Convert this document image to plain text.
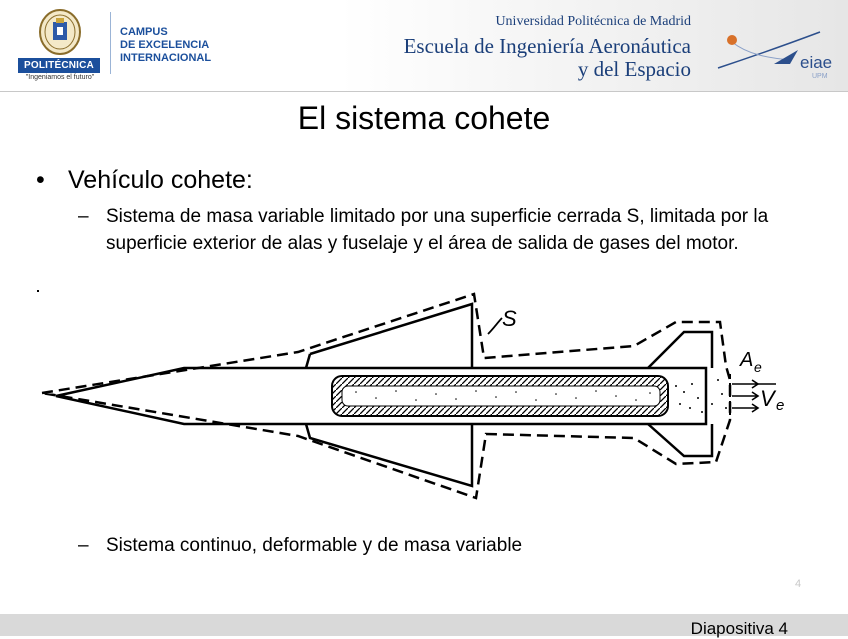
POLITÉCNICA
"Ingeniamos el futuro"
CAMPUS
DE EXCELENCIA
INTERNACIONAL
Universidad Politécnica de Madrid
Escuela de Ingeniería Aeronáutica
y del Espacio	eiae
UPM
El sistema cohete
• Vehículo cohete:
– Sistema de masa variable limitado por una superficie cerrada S, limitada por la superficie exterior de alas y fuselaje y el área de salida de gases del motor.
S
A e
V e
– Sistema continuo, deformable y de masa variable
4
Diapositiva 4
